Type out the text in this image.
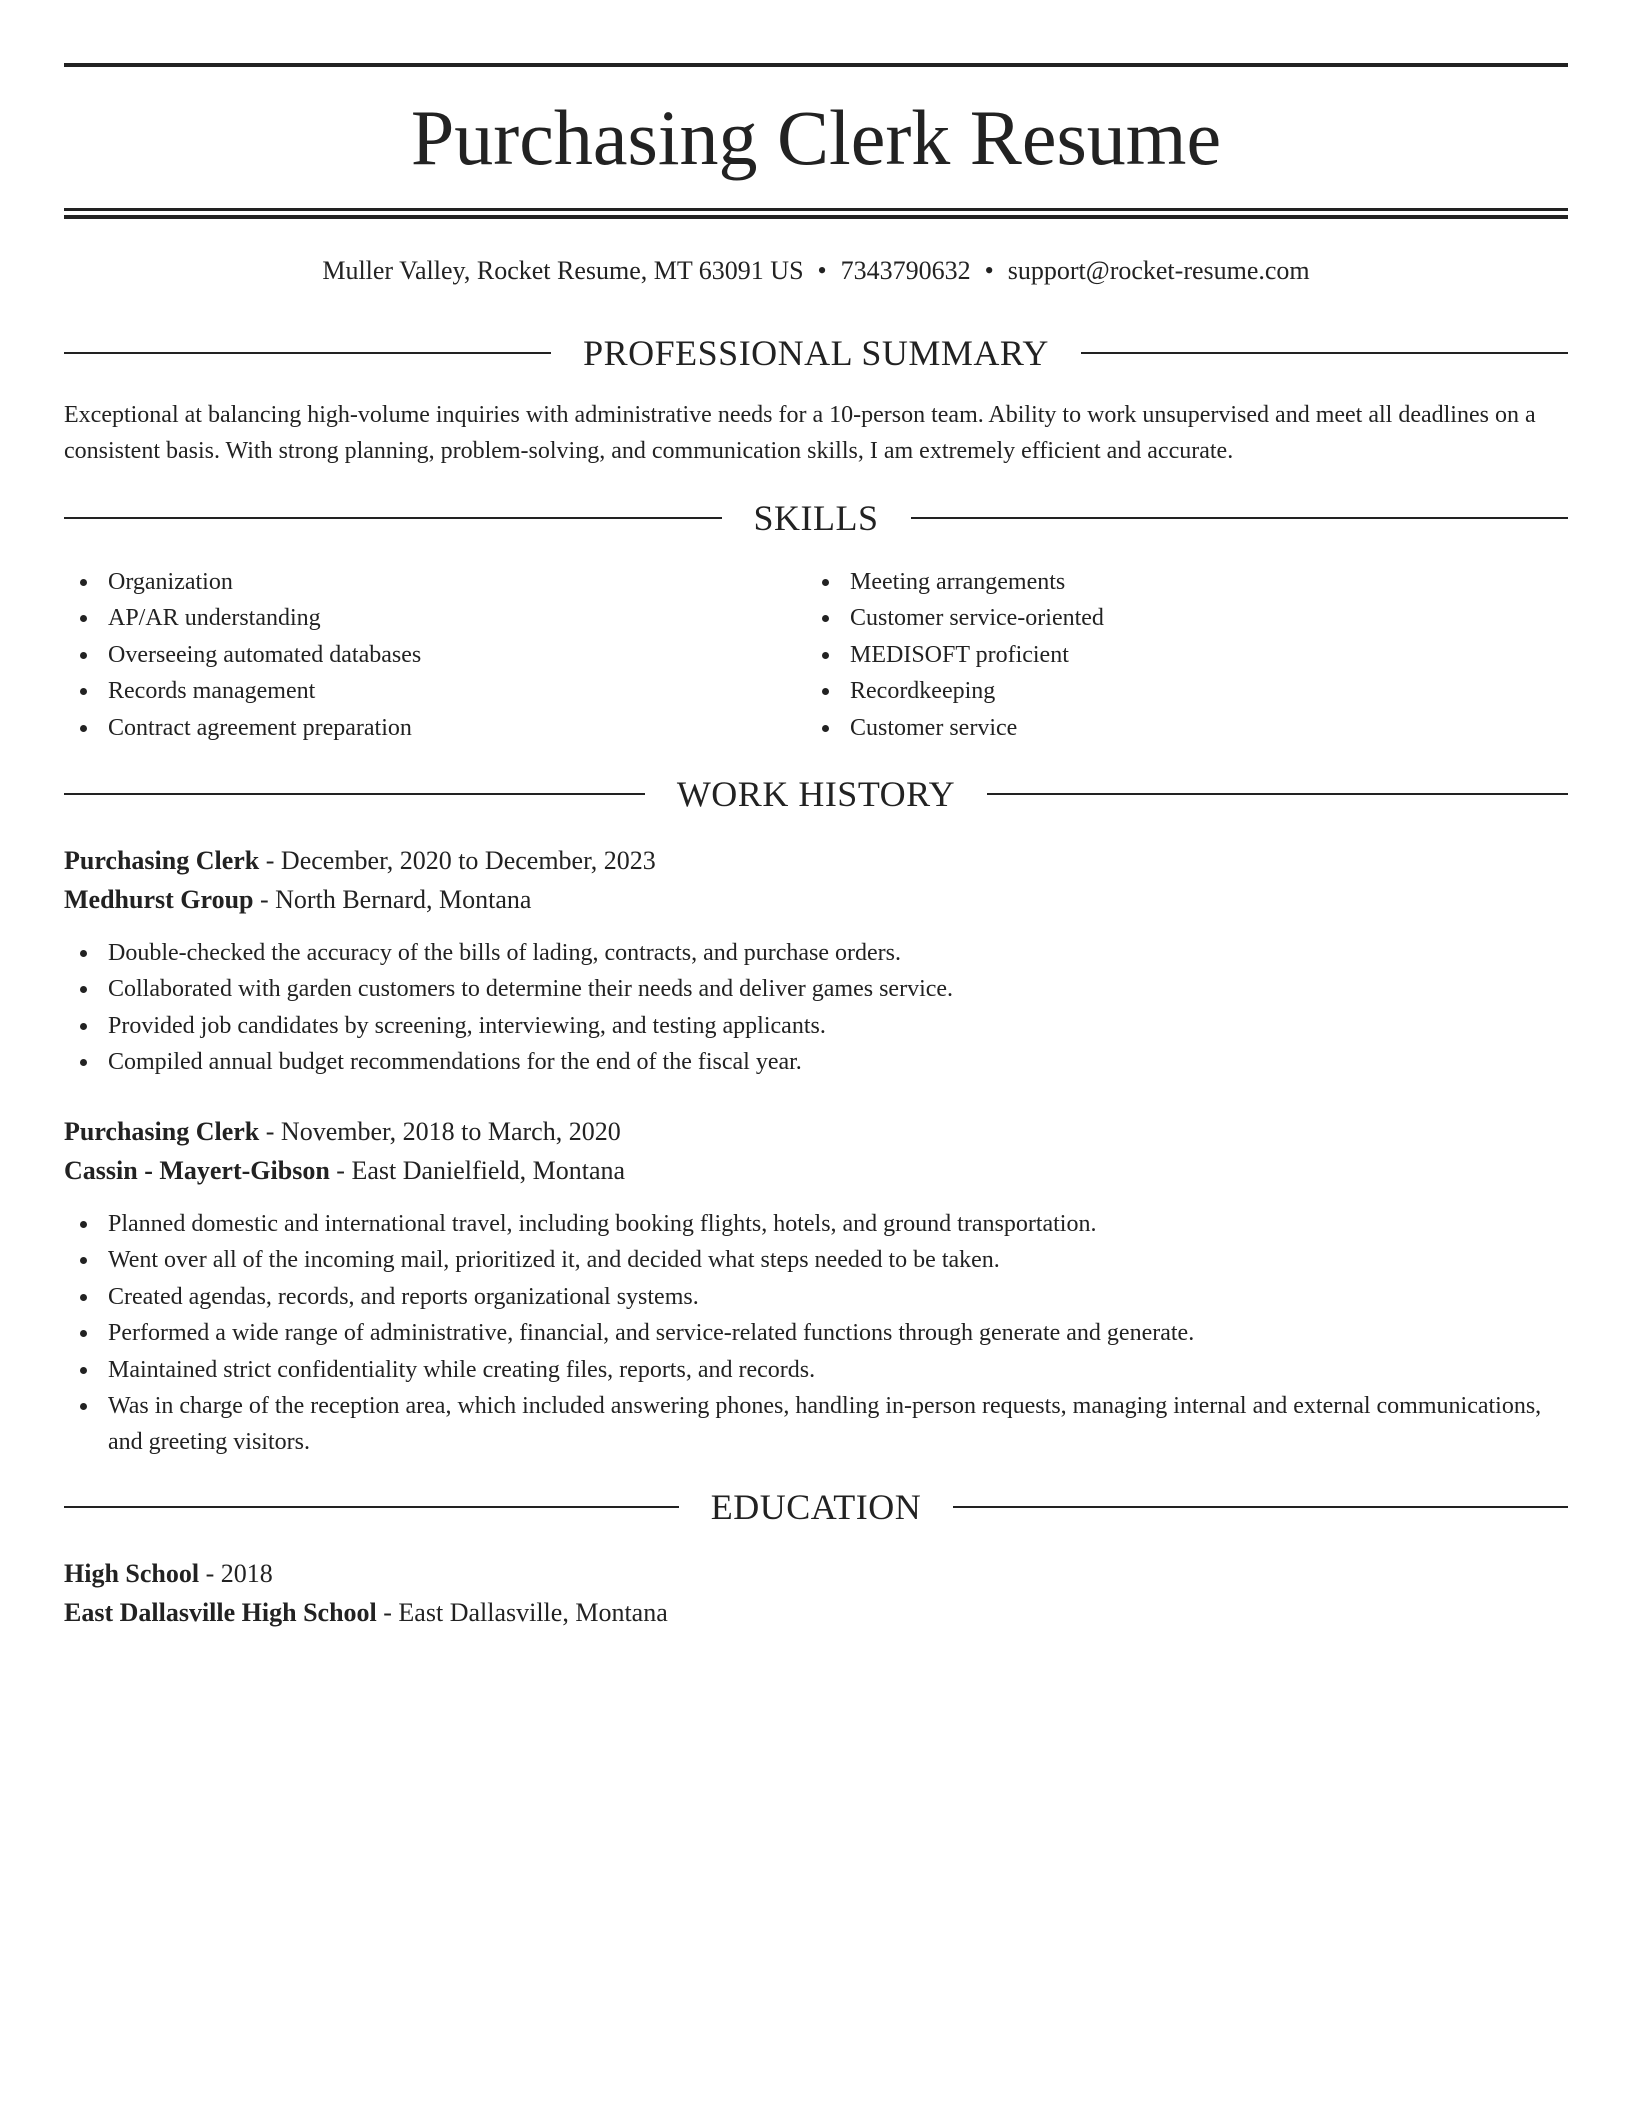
Purchasing Clerk Resume
Muller Valley, Rocket Resume, MT 63091 US • 7343790632 • support@rocket-resume.com
PROFESSIONAL SUMMARY

Exceptional at balancing high-volume inquiries with administrative needs for a 10-person team. Ability to work unsupervised and meet all deadlines on a consistent basis. With strong planning, problem-solving, and communication skills, I am extremely efficient and accurate.

SKILLS
Organization
AP/AR understanding
Overseeing automated databases
Records management
Contract agreement preparation
Meeting arrangements
Customer service-oriented
MEDISOFT proficient
Recordkeeping
Customer service
WORK HISTORY
Purchasing Clerk - December, 2020 to December, 2023
Medhurst Group - North Bernard, Montana
Double-checked the accuracy of the bills of lading, contracts, and purchase orders.
Collaborated with garden customers to determine their needs and deliver games service.
Provided job candidates by screening, interviewing, and testing applicants.
Compiled annual budget recommendations for the end of the fiscal year.
Purchasing Clerk - November, 2018 to March, 2020
Cassin - Mayert-Gibson - East Danielfield, Montana
Planned domestic and international travel, including booking flights, hotels, and ground transportation.
Went over all of the incoming mail, prioritized it, and decided what steps needed to be taken.
Created agendas, records, and reports organizational systems.
Performed a wide range of administrative, financial, and service-related functions through generate and generate.
Maintained strict confidentiality while creating files, reports, and records.
Was in charge of the reception area, which included answering phones, handling in-person requests, managing internal and external communications, and greeting visitors.
EDUCATION
High School - 2018
East Dallasville High School - East Dallasville, Montana
